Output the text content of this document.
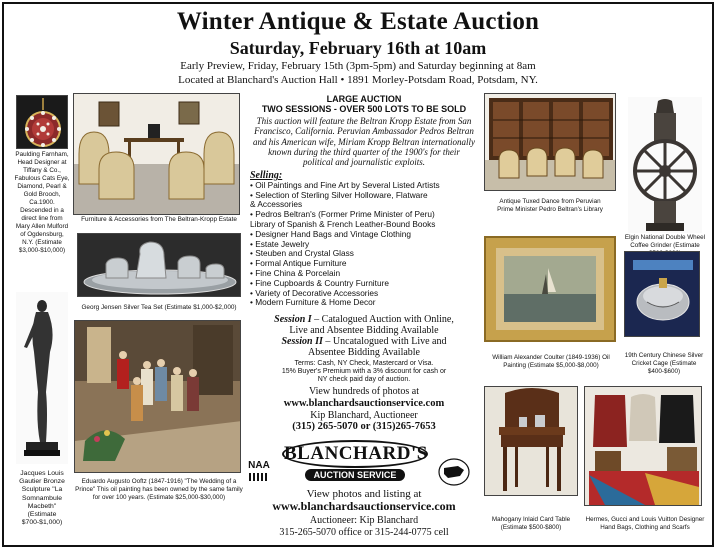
Winter Antique & Estate Auction
Saturday, February 16th at 10am
Early Preview, Friday, February 15th (3pm-5pm) and Saturday beginning at 8am
Located at Blanchard's Auction Hall • 1891 Morley-Potsdam Road, Potsdam, NY.
Paulding Farnham, Head Designer at Tiffany & Co., Fabulous Cats Eye, Diamond, Pearl & Gold Brooch, Ca.1900. Descended in a direct line from Mary Allen Mulford of Ogdensburg, N.Y. (Estimate $3,000-$10,000)
Jacques Louis Gautier Bronze Sculpture "La Somnambule Macbeth" (Estimate $700-$1,000)
Furniture & Accessories from The Beltran-Kropp Estate
Georg Jensen Silver Tea Set (Estimate $1,000-$2,000)
Eduardo Augusto Ooftz (1847-1916) "The Wedding of a Prince" This oil painting has been owned by the same family for over 100 years. (Estimate $25,000-$30,000)
LARGE AUCTION
TWO SESSIONS - OVER 500 LOTS TO BE SOLD
This auction will feature the Beltran Kropp Estate from San Francisco, California. Peruvian Ambassador Pedros Beltran and his American wife, Miriam Kropp Beltran internationally known during the third quarter of the 1900's for their political and journalistic exploits.
Selling:
• Oil Paintings and Fine Art by Several Listed Artists
• Selection of Sterling Silver Holloware, Flatware
& Accessories
• Pedros Beltran's (Former Prime Minister of Peru)
Library of Spanish & French Leather-Bound Books
• Designer Hand Bags and Vintage Clothing
• Estate Jewelry
• Steuben and Crystal Glass
• Formal Antique Furniture
• Fine China & Porcelain
• Fine Cupboards & Country Furniture
• Variety of Decorative Accessories
• Modern Furniture & Home Decor
Session I – Catalogued Auction with Online,
Live and Absentee Bidding Available
Session II – Uncatalogued with Live and
Absentee Bidding Available
Terms: Cash, NY Check, Mastercard or Visa.
15% Buyer's Premium with a 3% discount for cash or
NY check paid day of auction.
View hundreds of photos at
www.blanchardsauctionservice.com
Kip Blanchard, Auctioneer
(315) 265-5070 or (315)265-7653
NAA
BLANCHARD'S
AUCTION SERVICE
View photos and listing at
www.blanchardsauctionservice.com
Auctioneer: Kip Blanchard
315-265-5070 office or 315-244-0775 cell
Antique Tuxed Dance from Peruvian Prime Minister Pedro Beltran's Library
Elgin National Double Wheel Coffee Grinder (Estimate
William Alexander Coulter (1849-1936) Oil Painting (Estimate $5,000-$8,000)
19th Century Chinese Silver Cricket Cage (Estimate $400-$600)
Mahogany Inlaid Card Table (Estimate $500-$800)
Hermes, Gucci and Louis Vuitton Designer Hand Bags, Clothing and Scarfs
